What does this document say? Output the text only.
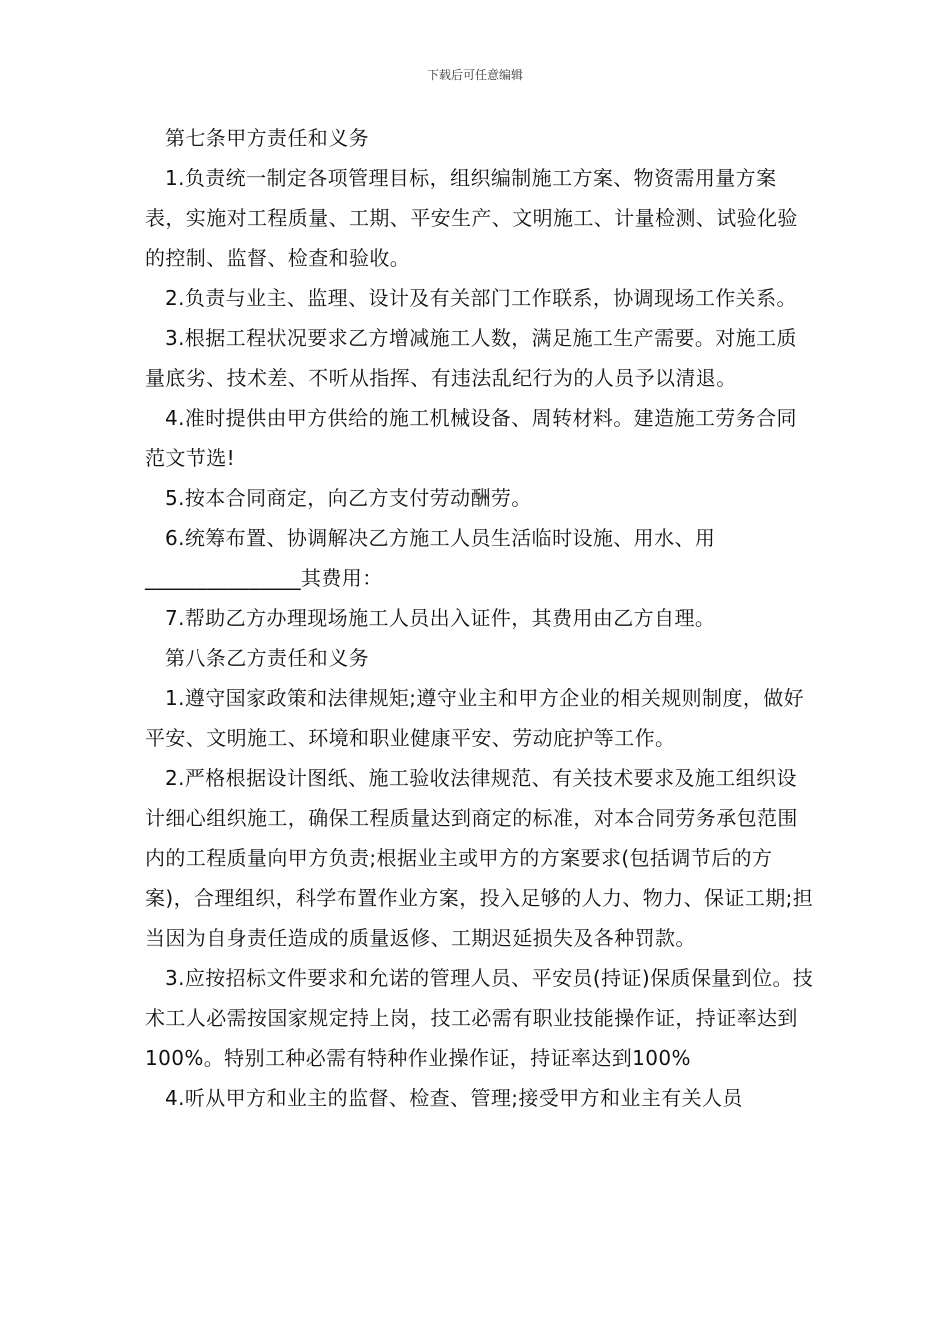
下载后可任意编辑

第七条甲方责任和义务

1.负责统一制定各项管理目标，组织编制施工方案、物资需用量方案表，实施对工程质量、工期、平安生产、文明施工、计量检测、试验化验的控制、监督、检查和验收。

2.负责与业主、监理、设计及有关部门工作联系，协调现场工作关系。

3.根据工程状况要求乙方增减施工人数，满足施工生产需要。对施工质量底劣、技术差、不听从指挥、有违法乱纪行为的人员予以清退。

4.准时提供由甲方供给的施工机械设备、周转材料。建造施工劳务合同范文节选!

5.按本合同商定，向乙方支付劳动酬劳。

6.统筹布置、协调解决乙方施工人员生活临时设施、用水、用_______________其费用：

7.帮助乙方办理现场施工人员出入证件，其费用由乙方自理。

第八条乙方责任和义务

1.遵守国家政策和法律规矩;遵守业主和甲方企业的相关规则制度，做好平安、文明施工、环境和职业健康平安、劳动庇护等工作。

2.严格根据设计图纸、施工验收法律规范、有关技术要求及施工组织设计细心组织施工，确保工程质量达到商定的标准，对本合同劳务承包范围内的工程质量向甲方负责;根据业主或甲方的方案要求(包括调节后的方案)，合理组织，科学布置作业方案，投入足够的人力、物力、保证工期;担当因为自身责任造成的质量返修、工期迟延损失及各种罚款。

3.应按招标文件要求和允诺的管理人员、平安员(持证)保质保量到位。技术工人必需按国家规定持上岗，技工必需有职业技能操作证，持证率达到100%。特别工种必需有特种作业操作证，持证率达到100%

4.听从甲方和业主的监督、检查、管理;接受甲方和业主有关人员
